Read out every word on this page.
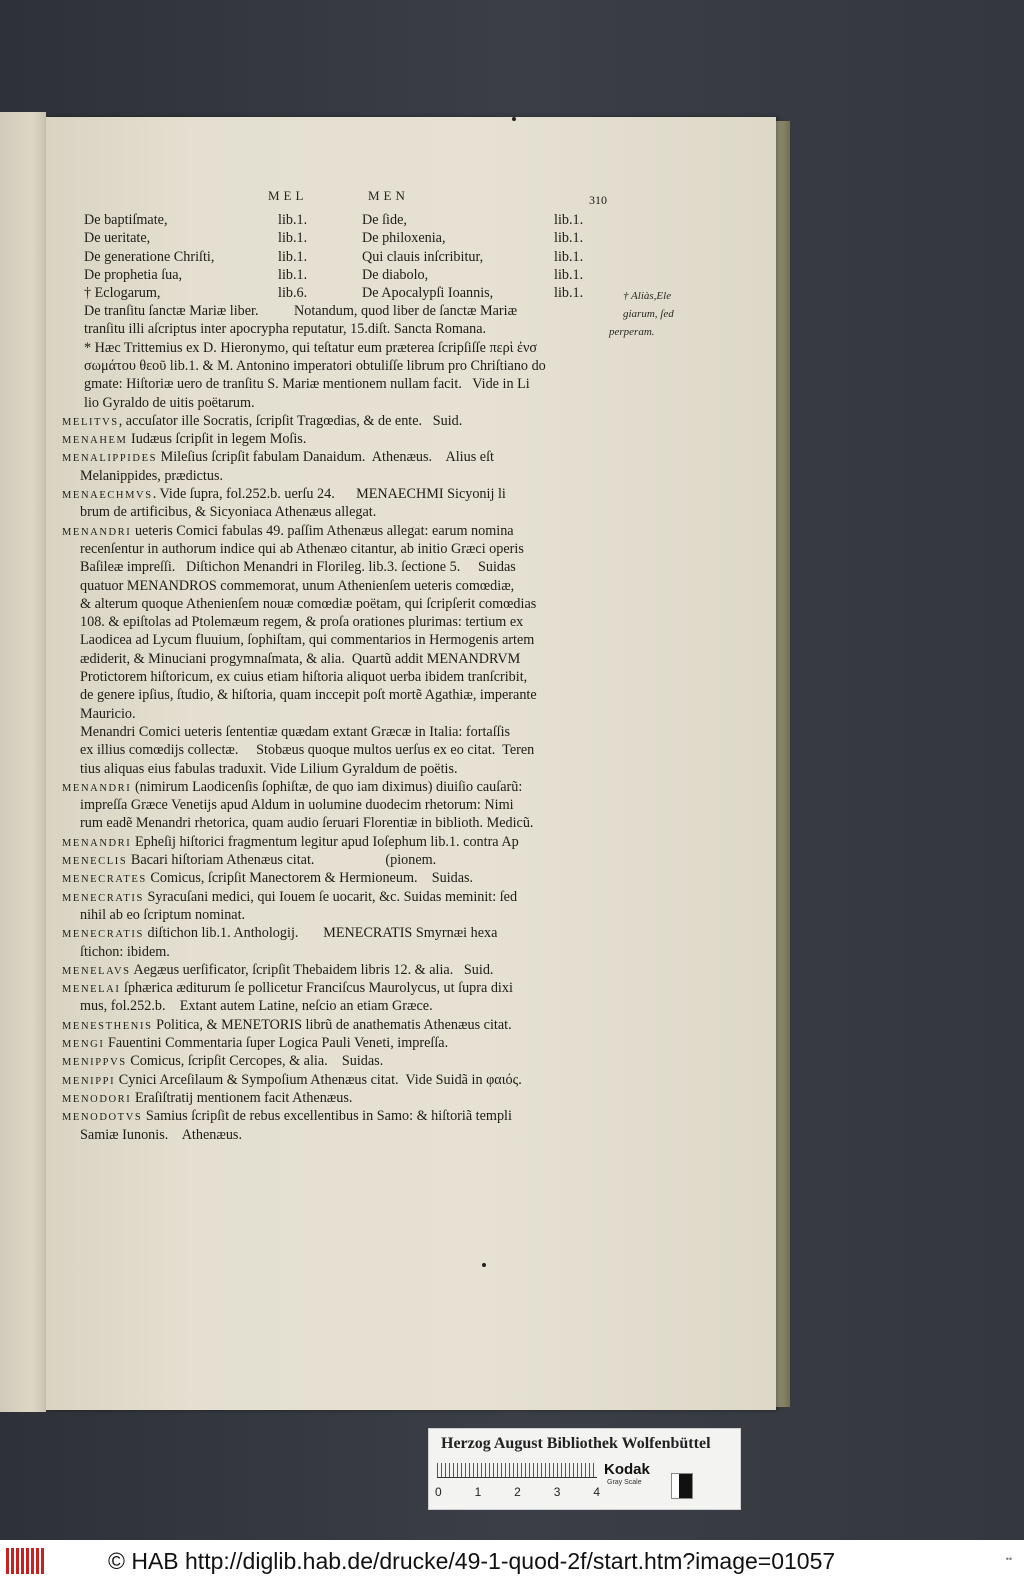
MEL	MEN	310
De baptiſmate,	lib.1.	De ſide,	lib.1.
De ueritate,	lib.1.	De philoxenia,	lib.1.
De generatione Chriſti,	lib.1.	Qui clauis inſcribitur,	lib.1.
De prophetia ſua,	lib.1.	De diabolo,	lib.1.
† Eclogarum,	lib.6.	De Apocalypſi Ioannis,	lib.1.	† Aliàs,Ele
giarum, ſed
perperam.
De tranſitu ſanctæ Mariæ liber.          Notandum, quod liber de ſanctæ Mariæ
tranſitu illi aſcriptus inter apocrypha reputatur, 15.diſt. Sancta Romana.
* Hæc Trittemius ex D. Hieronymo, qui teſtatur eum præterea ſcripſiſſe περὶ ἐνσ
σωμάτου θεοῦ lib.1. & M. Antonino imperatori obtuliſſe librum pro Chriſtiano do
gmate: Hiſtoriæ uero de tranſitu S. Mariæ mentionem nullam facit.   Vide in Li
lio Gyraldo de uitis poëtarum.
MELITVS, accuſator ille Socratis, ſcripſit Tragœdias, & de ente.   Suid.
MENAHEM Iudæus ſcripſit in legem Moſis.
MENALIPPIDES Mileſius ſcripſit fabulam Danaidum.  Athenæus.    Alius eſt
Melanippides, prædictus.
MENAECHMVS. Vide ſupra, fol.252.b. uerſu 24.      MENAECHMI Sicyonij li
brum de artificibus, & Sicyoniaca Athenæus allegat.
MENANDRI ueteris Comici fabulas 49. paſſim Athenæus allegat: earum nomina
recenſentur in authorum indice qui ab Athenæo citantur, ab initio Græci operis
Baſileæ impreſſi.   Diſtichon Menandri in Florileg. lib.3. ſectione 5.     Suidas
quatuor MENANDROS commemorat, unum Athenienſem ueteris comœdiæ,
& alterum quoque Athenienſem nouæ comœdiæ poëtam, qui ſcripſerit comœdias
108. & epiſtolas ad Ptolemæum regem, & proſa orationes plurimas: tertium ex
Laodicea ad Lycum fluuium, ſophiſtam, qui commentarios in Hermogenis artem
ædiderit, & Minuciani progymnaſmata, & alia.  Quartũ addit MENANDRVM
Protictorem hiſtoricum, ex cuius etiam hiſtoria aliquot uerba ibidem tranſcribit,
de genere ipſius, ſtudio, & hiſtoria, quam inccepit poſt mortẽ Agathiæ, imperante
Mauricio.
Menandri Comici ueteris ſententiæ quædam extant Græcæ in Italia: fortaſſis
ex illius comœdijs collectæ.     Stobæus quoque multos uerſus ex eo citat.  Teren
tius aliquas eius fabulas traduxit. Vide Lilium Gyraldum de poëtis.
MENANDRI (nimirum Laodicenſis ſophiſtæ, de quo iam diximus) diuiſio cauſarũ:
impreſſa Græce Venetijs apud Aldum in uolumine duodecim rhetorum: Nimi
rum eadẽ Menandri rhetorica, quam audio ſeruari Florentiæ in biblioth. Medicũ.
MENANDRI Epheſij hiſtorici fragmentum legitur apud Ioſephum lib.1. contra Ap
MENECLIS Bacari hiſtoriam Athenæus citat.                    (pionem.
MENECRATES Comicus, ſcripſit Manectorem & Hermioneum.    Suidas.
MENECRATIS Syracuſani medici, qui Iouem ſe uocarit, &c. Suidas meminit: ſed
nihil ab eo ſcriptum nominat.
MENECRATIS diſtichon lib.1. Anthologij.       MENECRATIS Smyrnæi hexa
ſtichon: ibidem.
MENELAVS Aegæus uerſificator, ſcripſit Thebaidem libris 12. & alia.   Suid.
MENELAI ſphærica æditurum ſe pollicetur Franciſcus Maurolycus, ut ſupra dixi
mus, fol.252.b.    Extant autem Latine, neſcio an etiam Græce.
MENESTHENIS Politica, & MENETORIS librũ de anathematis Athenæus citat.
MENGI Fauentini Commentaria ſuper Logica Pauli Veneti, impreſſa.
MENIPPVS Comicus, ſcripſit Cercopes, & alia.    Suidas.
MENIPPI Cynici Arceſilaum & Sympoſium Athenæus citat.  Vide Suidã in φαιός.
MENODORI Eraſiſtratij mentionem facit Athenæus.
MENODOTVS Samius ſcripſit de rebus excellentibus in Samo: & hiſtoriã templi
Samiæ Iunonis.    Athenæus.
Herzog August Bibliothek Wolfenbüttel
0	1	2	3	4
Kodak
Gray Scale
© HAB http://diglib.hab.de/drucke/49-1-quod-2f/start.htm?image=01057	••
